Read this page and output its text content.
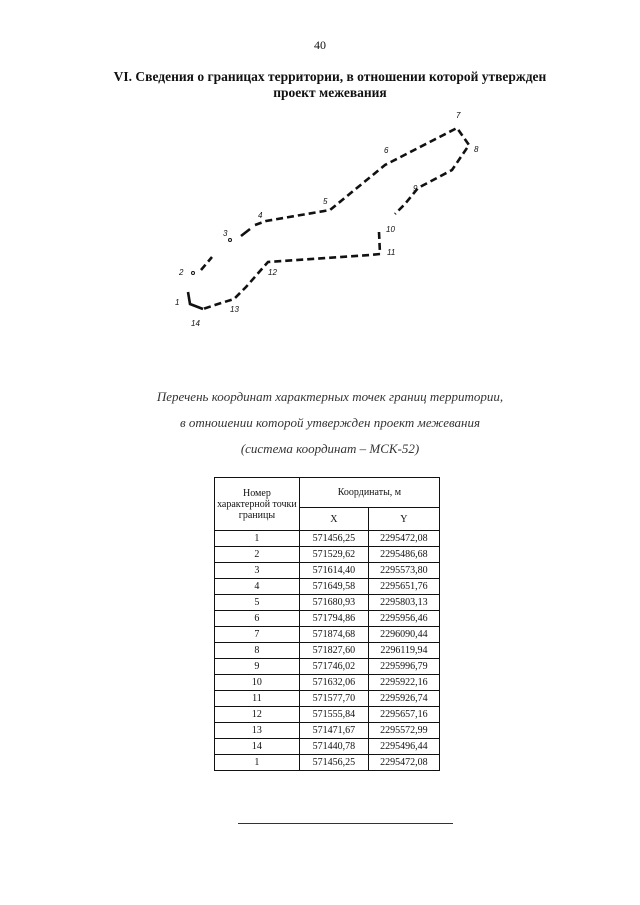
40
VI. Сведения о границах территории, в отношении которой утвержден
проект межевания
1
2
3
4
5
6
7
8
9
10
11
12
13
14
Перечень координат характерных точек границ территории,
в отношении которой утвержден проект межевания
(система координат – МСК-52)
Номер характерной точки границы	Координаты, м	
	X	Y
1	571456,25	2295472,08
2	571529,62	2295486,68
3	571614,40	2295573,80
4	571649,58	2295651,76
5	571680,93	2295803,13
6	571794,86	2295956,46
7	571874,68	2296090,44
8	571827,60	2296119,94
9	571746,02	2295996,79
10	571632,06	2295922,16
11	571577,70	2295926,74
12	571555,84	2295657,16
13	571471,67	2295572,99
14	571440,78	2295496,44
1	571456,25	2295472,08
